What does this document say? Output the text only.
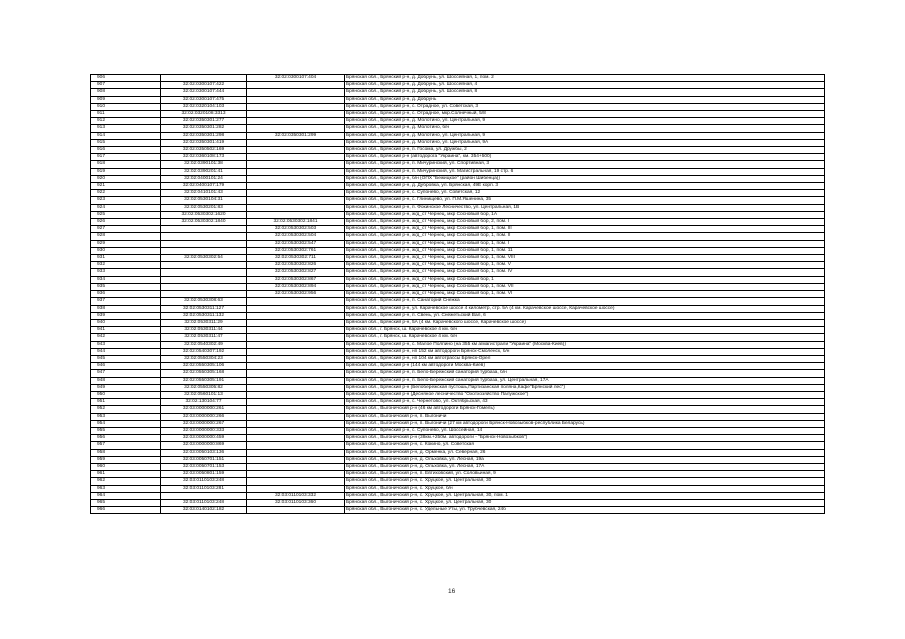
906		32:02:0300107:404	Брянская обл., Брянский р-н, д. Добрунь, ул. Шоссейная, 1, пом. 2
907	32:02:0300107:422		Брянская обл., Брянский р-н, д. Добрунь, ул. Шоссейная, 4
908	32:02:0300107:444		Брянская обл., Брянский р-н, д. Добрунь, ул. Шоссейная, 8
909	32:02:0300107:475		Брянская обл., Брянский р-н, д. Добрунь
910	32:02:0320104:103		Брянская обл., Брянский р-н, с. Отрадное, ул. Советская, 3
911	32:02:0320108:3313		Брянская обл., Брянский р-н, с. Отрадное, мкр.Солнечный, 5/8
912	32:02:0350301:277		Брянская обл., Брянский р-н, д. Молотино, ул. Центральная, 9
913	32:02:0350301:282		Брянская обл., Брянский р-н, д. Молотино, б/н
914	32:02:0350301:298	32:02:0350301:299	Брянская обл., Брянский р-н, д. Молотино, ул. Центральная, 9
915	32:02:0350301:419		Брянская обл., Брянский р-н, д. Молотино, ул. Центральная, 9А
916	32:02:0350502:169		Брянская обл., Брянский р-н, п. Госома, ул. Дружбы, 2
917	32:02:0360108:173		Брянская обл., Брянский р-н (автодорога "Украина", км. 354+500)
918	32:02:0390101:38		Брянская обл., Брянский р-н, п. Мичуринский, ул. Спортивная, 3
919	32:02:0390201:41		Брянская обл., Брянский р-н, п. Мичуринский, ул. Магистральная, 19 стр. 6
920	32:02:0400101:24		Брянская обл., Брянский р-н, б/н (ОПХ "Бежицкое" (район Шибенца))
921	32:02:0400107:179		Брянская обл., Брянский р-н, д. Дубровка, ул. Брянская, 49Е корп. 3
922	32:02:0410101:43		Брянская обл., Брянский р-н, с. Супонево, ул. Советская, 12
923	32:02:0530104:31		Брянская обл., Брянский р-н, с. Глинищево, ул. П.М.Яшенина, 35
924	32:02:0530201:83		Брянская обл., Брянский р-н, п. Фокинское Лесничество, ул. Центральная, 1В
925	32:02:0530302:1620		Брянская обл., Брянский р-н, ж/д_ст Чернец, мкр Сосновый бор, 1А
926	32:02:0530302:1840	32:02:0530302:1841	Брянская обл., Брянский р-н, ж/д_ст Чернец, мкр Сосновый бор, 2, пом. I
927		32:02:0530302:503	Брянская обл., Брянский р-н, ж/д_ст Чернец, мкр Сосновый бор, 1, пом. III
928		32:02:0530302:504	Брянская обл., Брянский р-н, ж/д_ст Чернец, мкр Сосновый бор, 1, пом. II
929		32:02:0530302:547	Брянская обл., Брянский р-н, ж/д_ст Чернец, мкр Сосновый бор, 1, пом. I
930		32:02:0530302:761	Брянская обл., Брянский р-н, ж/д_ст Чернец, мкр Сосновый бор, 1, пом. 11
931	32:02:0530302:54	32:02:0530302:711	Брянская обл., Брянский р-н, ж/д_ст Чернец, мкр Сосновый бор, 1, пом. VIII
932		32:02:0530302:826	Брянская обл., Брянский р-н, ж/д_ст Чернец, мкр Сосновый бор, 1, пом. V
933		32:02:0530302:827	Брянская обл., Брянский р-н, ж/д_ст Чернец, мкр Сосновый бор, 1, пом. IV
934		32:02:0530302:867	Брянская обл., Брянский р-н, ж/д_ст Чернец, мкр Сосновый бор, 1
935		32:02:0530302:894	Брянская обл., Брянский р-н, ж/д_ст Чернец, мкр Сосновый бор, 1, пом. VII
936		32:02:0530302:956	Брянская обл., Брянский р-н, ж/д_ст Чернец, мкр Сосновый бор, 1, пом. VI
937	32:02:0530308:63		Брянская обл., Брянский р-н, п. Санаторий Снежка
938	32:02:0530311:127		Брянская обл., Брянский р-н, ул. Карачевское шоссе 4 километр, стр. 5А (4 км. Карачевское шоссе, Карачевское шоссе)
939	32:02:0530311:132		Брянская обл., Брянский р-н, п. Свень, ул. Снежетьский Вал, 6
940	32:02:0530311:29		Брянская обл., Брянский р-н, 5А (4 км. Карачевского шоссе, Карачевское шоссе)
941	32:02:0530311:44		Брянская обл., г. Брянск, ш. Карачевское 4 км. б/н
942	32:02:0530311:47		Брянская обл., г. Брянск, ш. Карачевское 4 км. б/н
943	32:02:0540302:49		Брянская обл., Брянский р-н, с. Малое Полпино (на 355 км а/магистрали "Украина" (Москва-Киев))
944	32:02:0540307:192		Брянская обл., Брянский р-н, нп 152 км автодороги Брянск-Смоленск, б/н
945	32:02:0550304:23		Брянская обл., Брянский р-н, нп 104 км автотрассы Брянск-Орел
946	32:02:0550305:106		Брянская обл., Брянский р-н (144 км автодороги Москва-Киев)
947	32:02:0550305:168		Брянская обл., Брянский р-н, п. Бело-Бережский санаторий турбаза, б/н
948	32:02:0550305:191		Брянская обл., Брянский р-н, п. Бело-Бережский санаторий турбаза, ул. Центральная, 17А
949	32:02:0550305:82		Брянская обл., Брянский р-н (Белобережская пустошь,Партизанская поляна,Кафе"Брянский лес")
950	32:02:0560101:13		Брянская обл., Брянский р-н (Десняное лесничество "Охотхозяйство Палужское")
951	32:02:130104:77		Брянская обл., Брянский р-н, с. Чернетово, ул. Октябрьская, 43
952	32:03:0000000:261		Брянская обл., Выгоничский р-н (46 км автодороги Брянск-Гомель)
953	32:03:0000000:266		Брянская обл., Выгоничский р-н, п. Выгоничи
954	32:03:0000000:267		Брянская обл., Выгоничский р-н, п. Выгоничи (27 км автодороги Брянск-Новозыбков-республика Беларусь)
955	32:03:0000000:333		Брянская обл., Брянский р-н, с. Супонево, ул. Шоссейная, 14
956	32:03:0000000:459		Брянская обл., Выгоничский р-н (38км.+250м. автодороги - "Брянск-Новозыбков")
957	32:03:0000000:869		Брянская обл., Выгоничский р-н, с. Кокино, ул. Советская
958	32:03:0050103:136		Брянская обл., Выгоничский р-н, д. Орменка, ул. Северная, 26
959	32:03:0050701:151		Брянская обл., Выгоничский р-н, д. Ольховка, ул. Лесная, 19а
960	32:03:0050701:153		Брянская обл., Выгоничский р-н, д. Ольховка, ул. Лесная, 17А
961	32:03:0050801:159		Брянская обл., Выгоничский р-н, п. Евтиховский, ул. Соловьиная, 9
962	32:03:0110103:248		Брянская обл., Выгоничский р-н, с. Хруцкое, ул. Центральная, 30
963	32:03:0110103:281		Брянская обл., Выгоничский р-н, с. Хруцкое, б/н
964		32:03:0110103:332	Брянская обл., Выгоничский р-н, с. Хруцкое, ул. Центральная, 30, пом. 1
965	32:03:0110103:248	32:03:0110103:360	Брянская обл., Выгоничский р-н, с. Хруцкое, ул. Центральная, 30
966	32:03:0140102:182		Брянская обл., Выгоничский р-н, с. Удельные Уты, ул. Трубчевская, 24б
16
